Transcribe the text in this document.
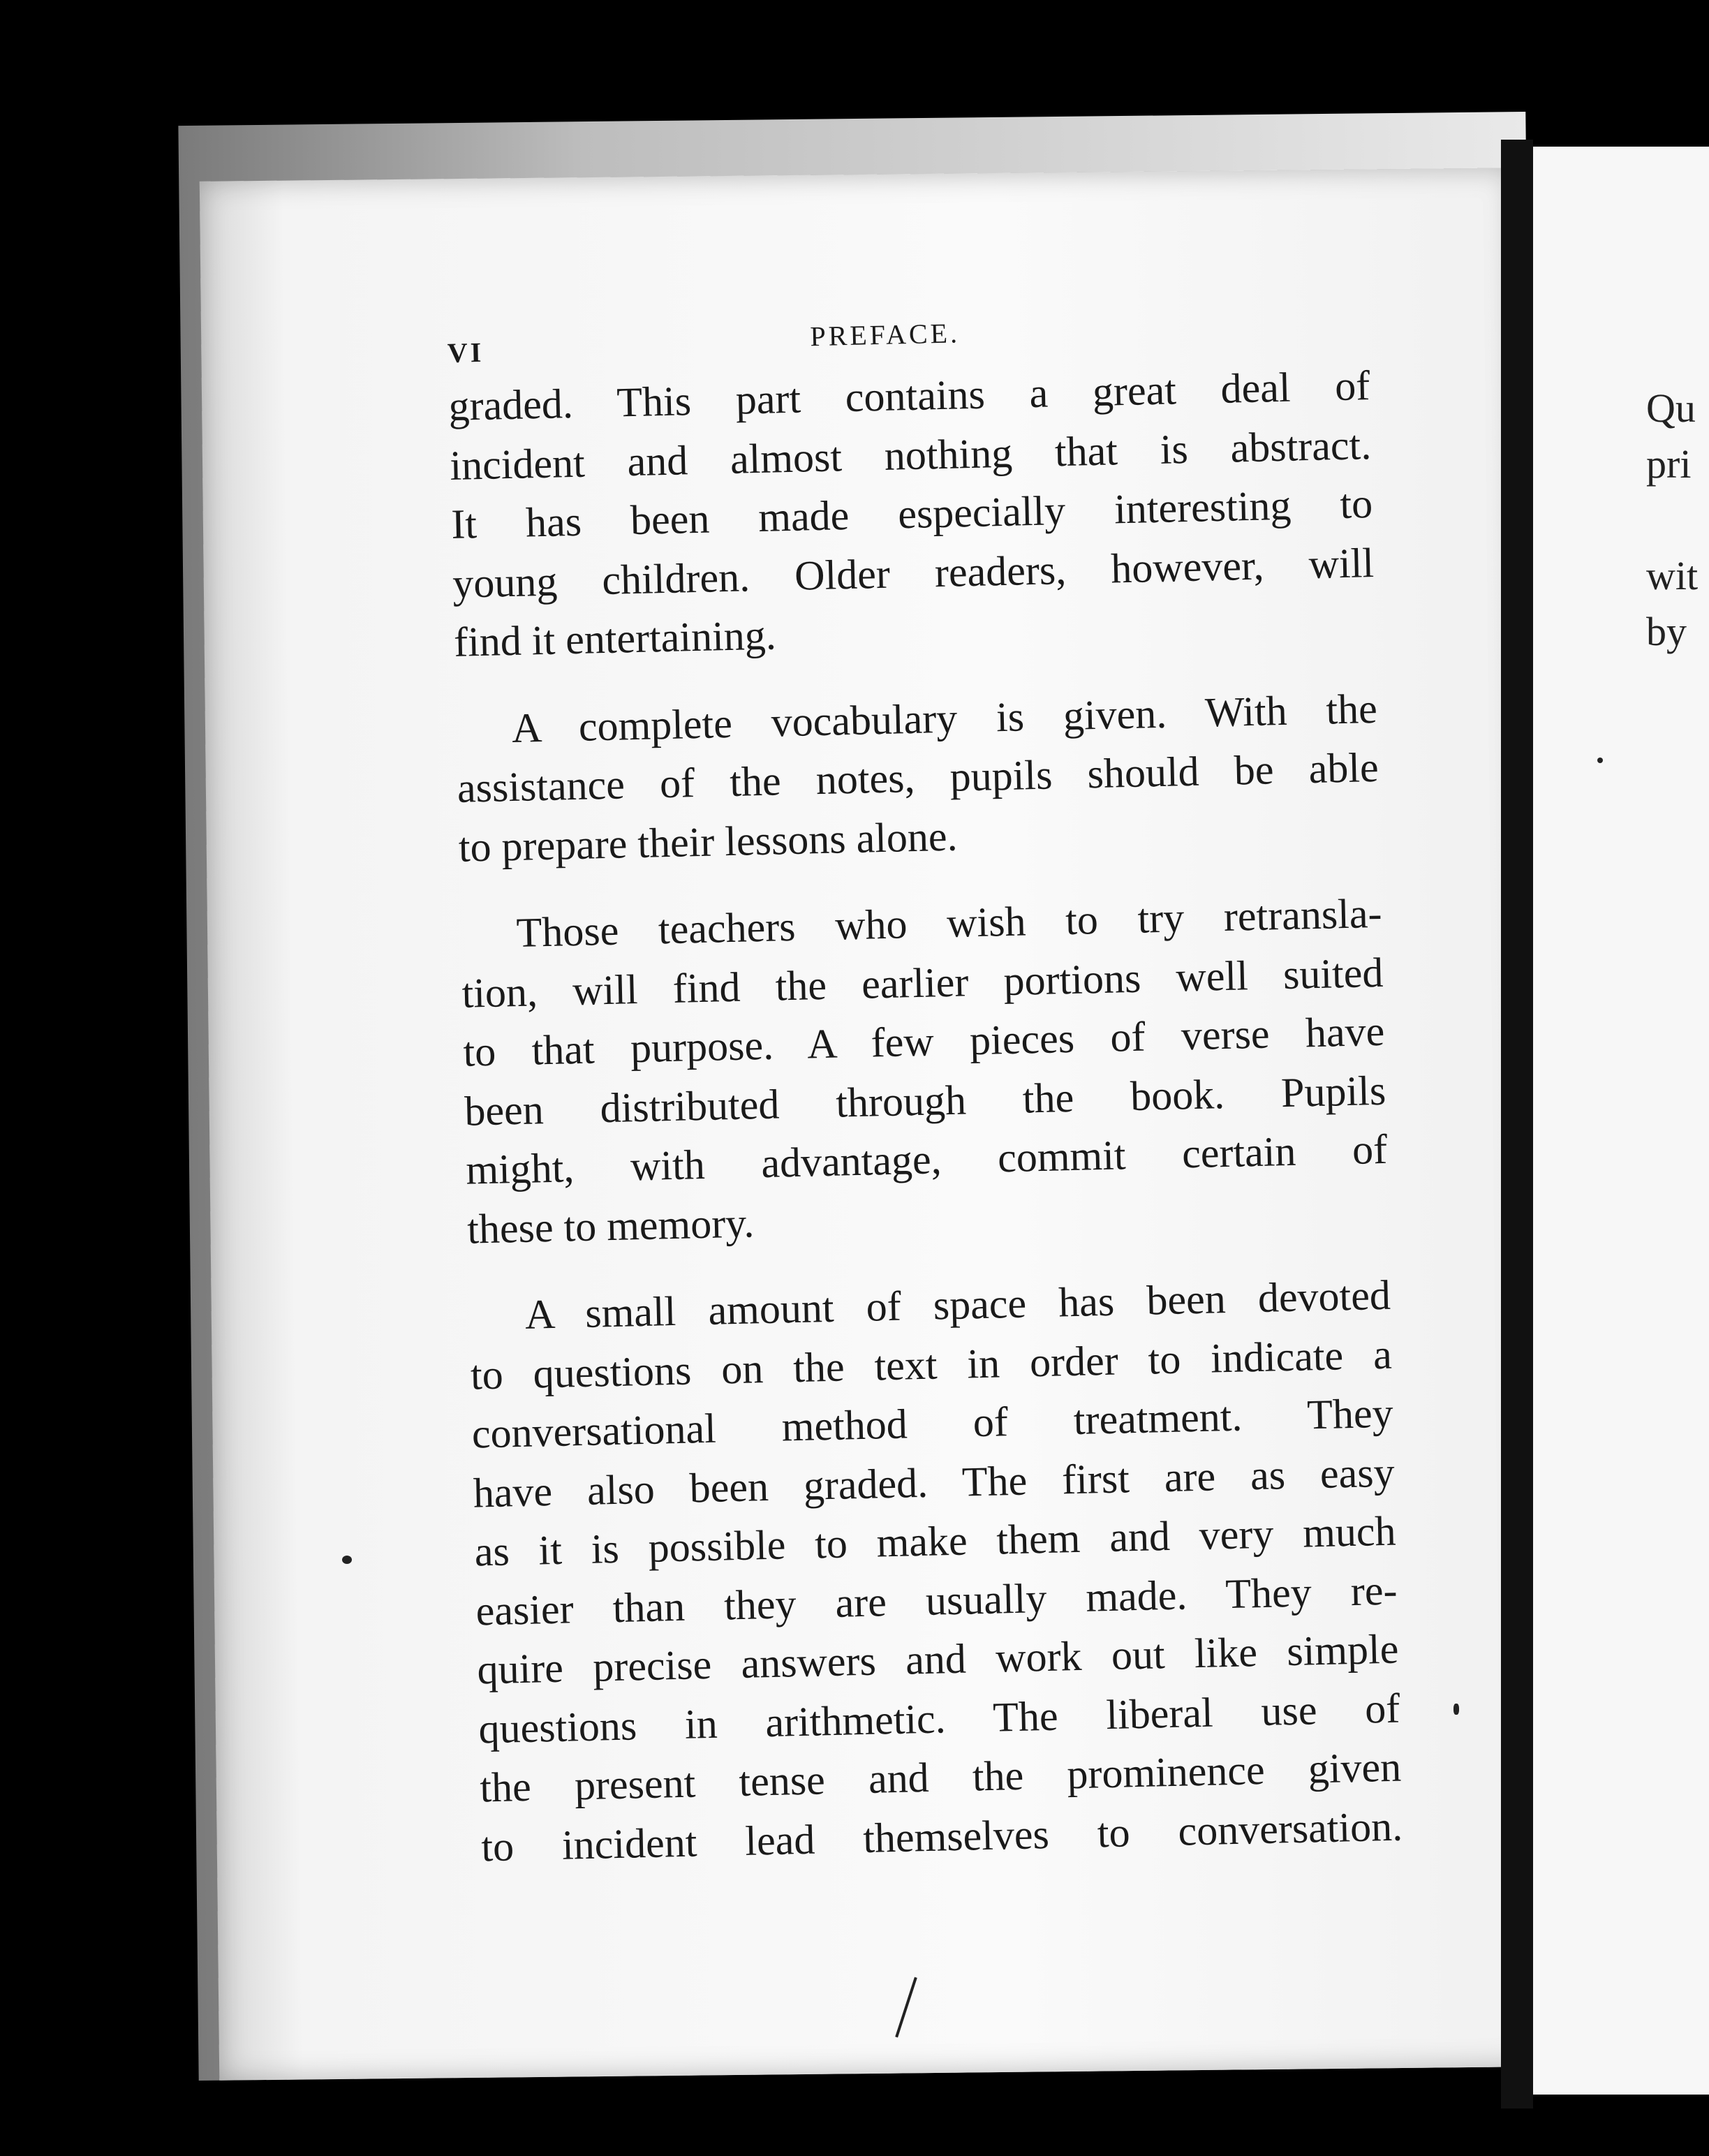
Qu
pri

wit
by
VI
PREFACE.
graded. This part contains a great deal of
incident and almost nothing that is abstract.
It has been made especially interesting to
young children. Older readers, however, will
find it entertaining.
A complete vocabulary is given. With the
assistance of the notes, pupils should be able
to prepare their lessons alone.
Those teachers who wish to try retransla-
tion, will find the earlier portions well suited
to that purpose. A few pieces of verse have
been distributed through the book. Pupils
might, with advantage, commit certain of
these to memory.
A small amount of space has been devoted
to questions on the text in order to indicate a
conversational method of treatment. They
have also been graded. The first are as easy
as it is possible to make them and very much
easier than they are usually made. They re-
quire precise answers and work out like simple
questions in arithmetic. The liberal use of
the present tense and the prominence given
to incident lead themselves to conversation.
